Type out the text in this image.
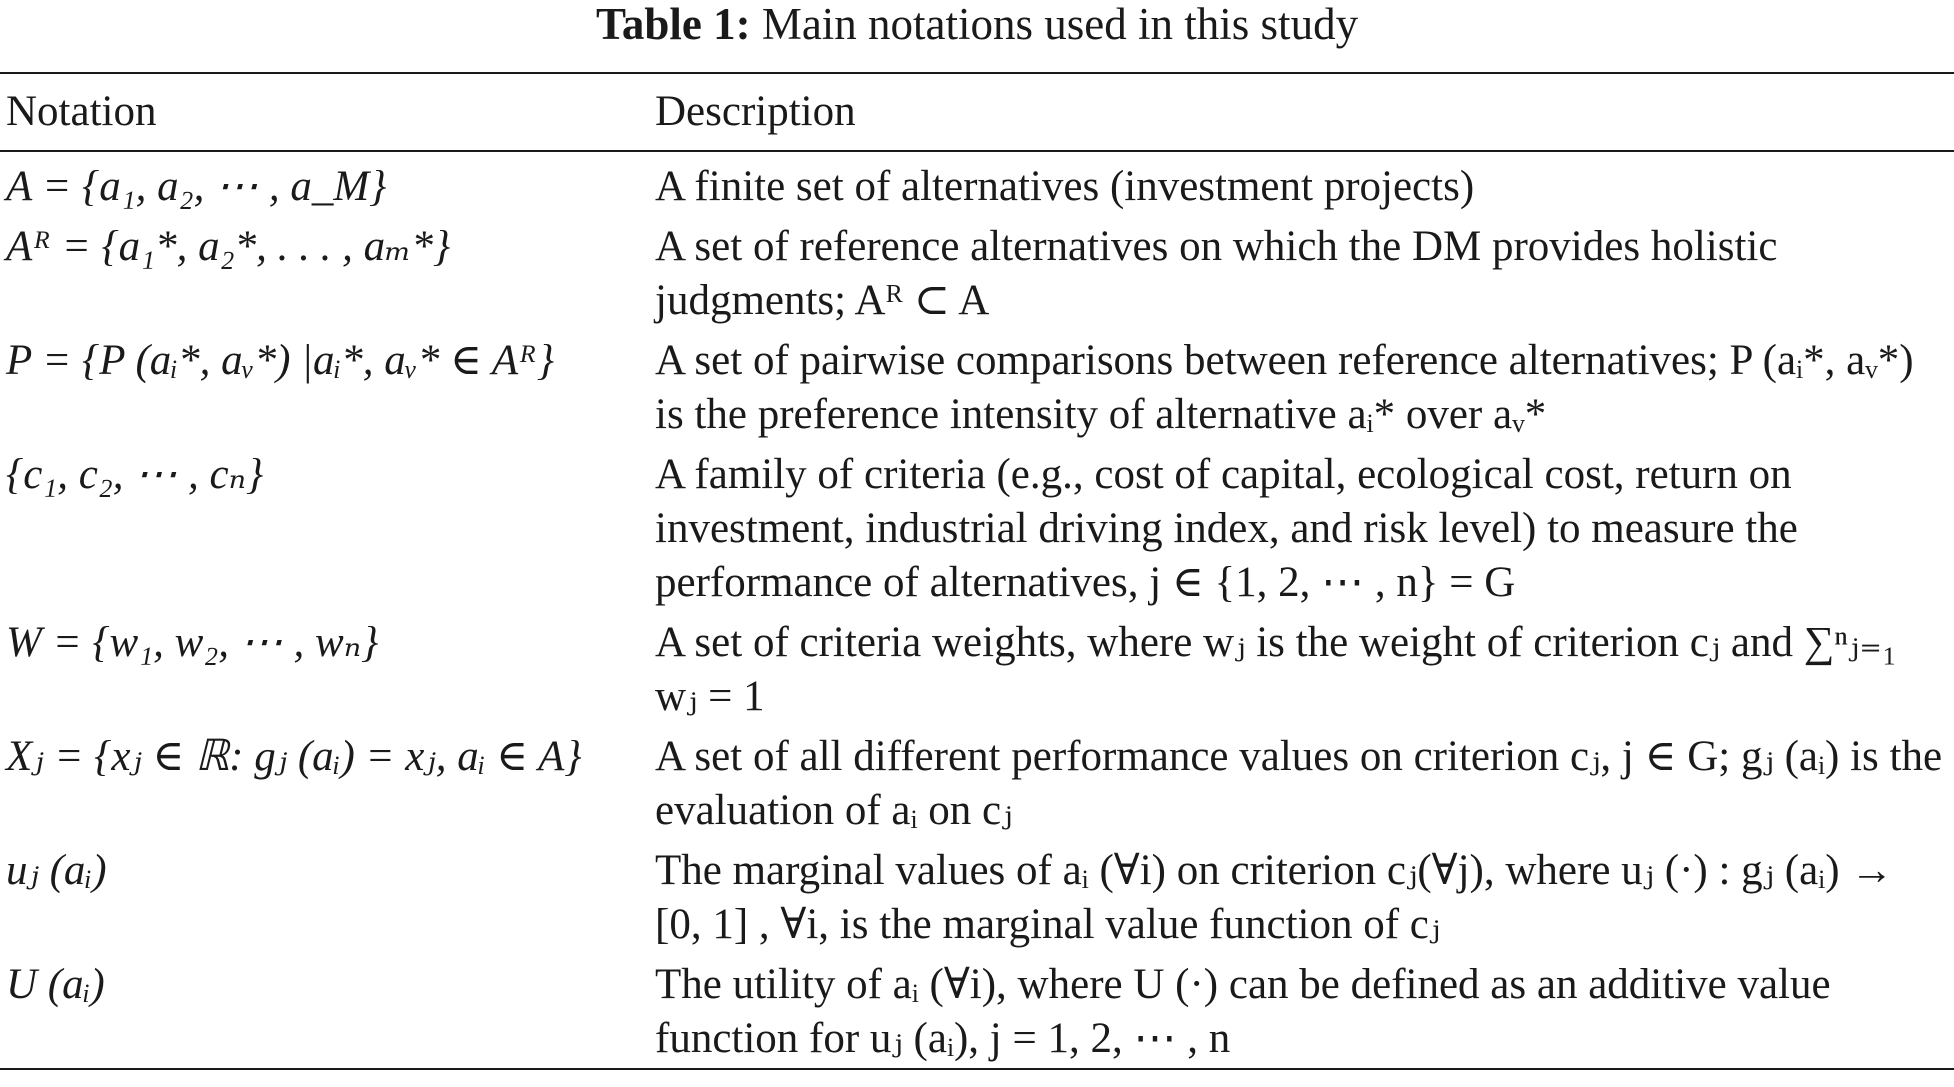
Table 1: Main notations used in this study
Notation	Description
A = {a₁, a₂, ⋯ , a_M}	A finite set of alternatives (investment projects)
Aᴿ = {a₁*, a₂*, . . . , aₘ*}	A set of reference alternatives on which the DM provides holistic judgments; Aᴿ ⊂ A
P = {P (aᵢ*, aᵥ*) |aᵢ*, aᵥ* ∈ Aᴿ}	A set of pairwise comparisons between reference alternatives; P (aᵢ*, aᵥ*) is the preference intensity of alternative aᵢ* over aᵥ*
{c₁, c₂, ⋯ , cₙ}	A family of criteria (e.g., cost of capital, ecological cost, return on investment, industrial driving index, and risk level) to measure the performance of alternatives, j ∈ {1, 2, ⋯ , n} = G
W = {w₁, w₂, ⋯ , wₙ}	A set of criteria weights, where wⱼ is the weight of criterion cⱼ and ∑ⁿⱼ₌₁ wⱼ = 1
Xⱼ = {xⱼ ∈ ℝ: gⱼ (aᵢ) = xⱼ, aᵢ ∈ A}	A set of all different performance values on criterion cⱼ, j ∈ G; gⱼ (aᵢ) is the evaluation of aᵢ on cⱼ
uⱼ (aᵢ)	The marginal values of aᵢ (∀i) on criterion cⱼ(∀j), where uⱼ (·) : gⱼ (aᵢ) → [0, 1] , ∀i, is the marginal value function of cⱼ
U (aᵢ)	The utility of aᵢ (∀i), where U (·) can be defined as an additive value function for uⱼ (aᵢ), j = 1, 2, ⋯ , n
